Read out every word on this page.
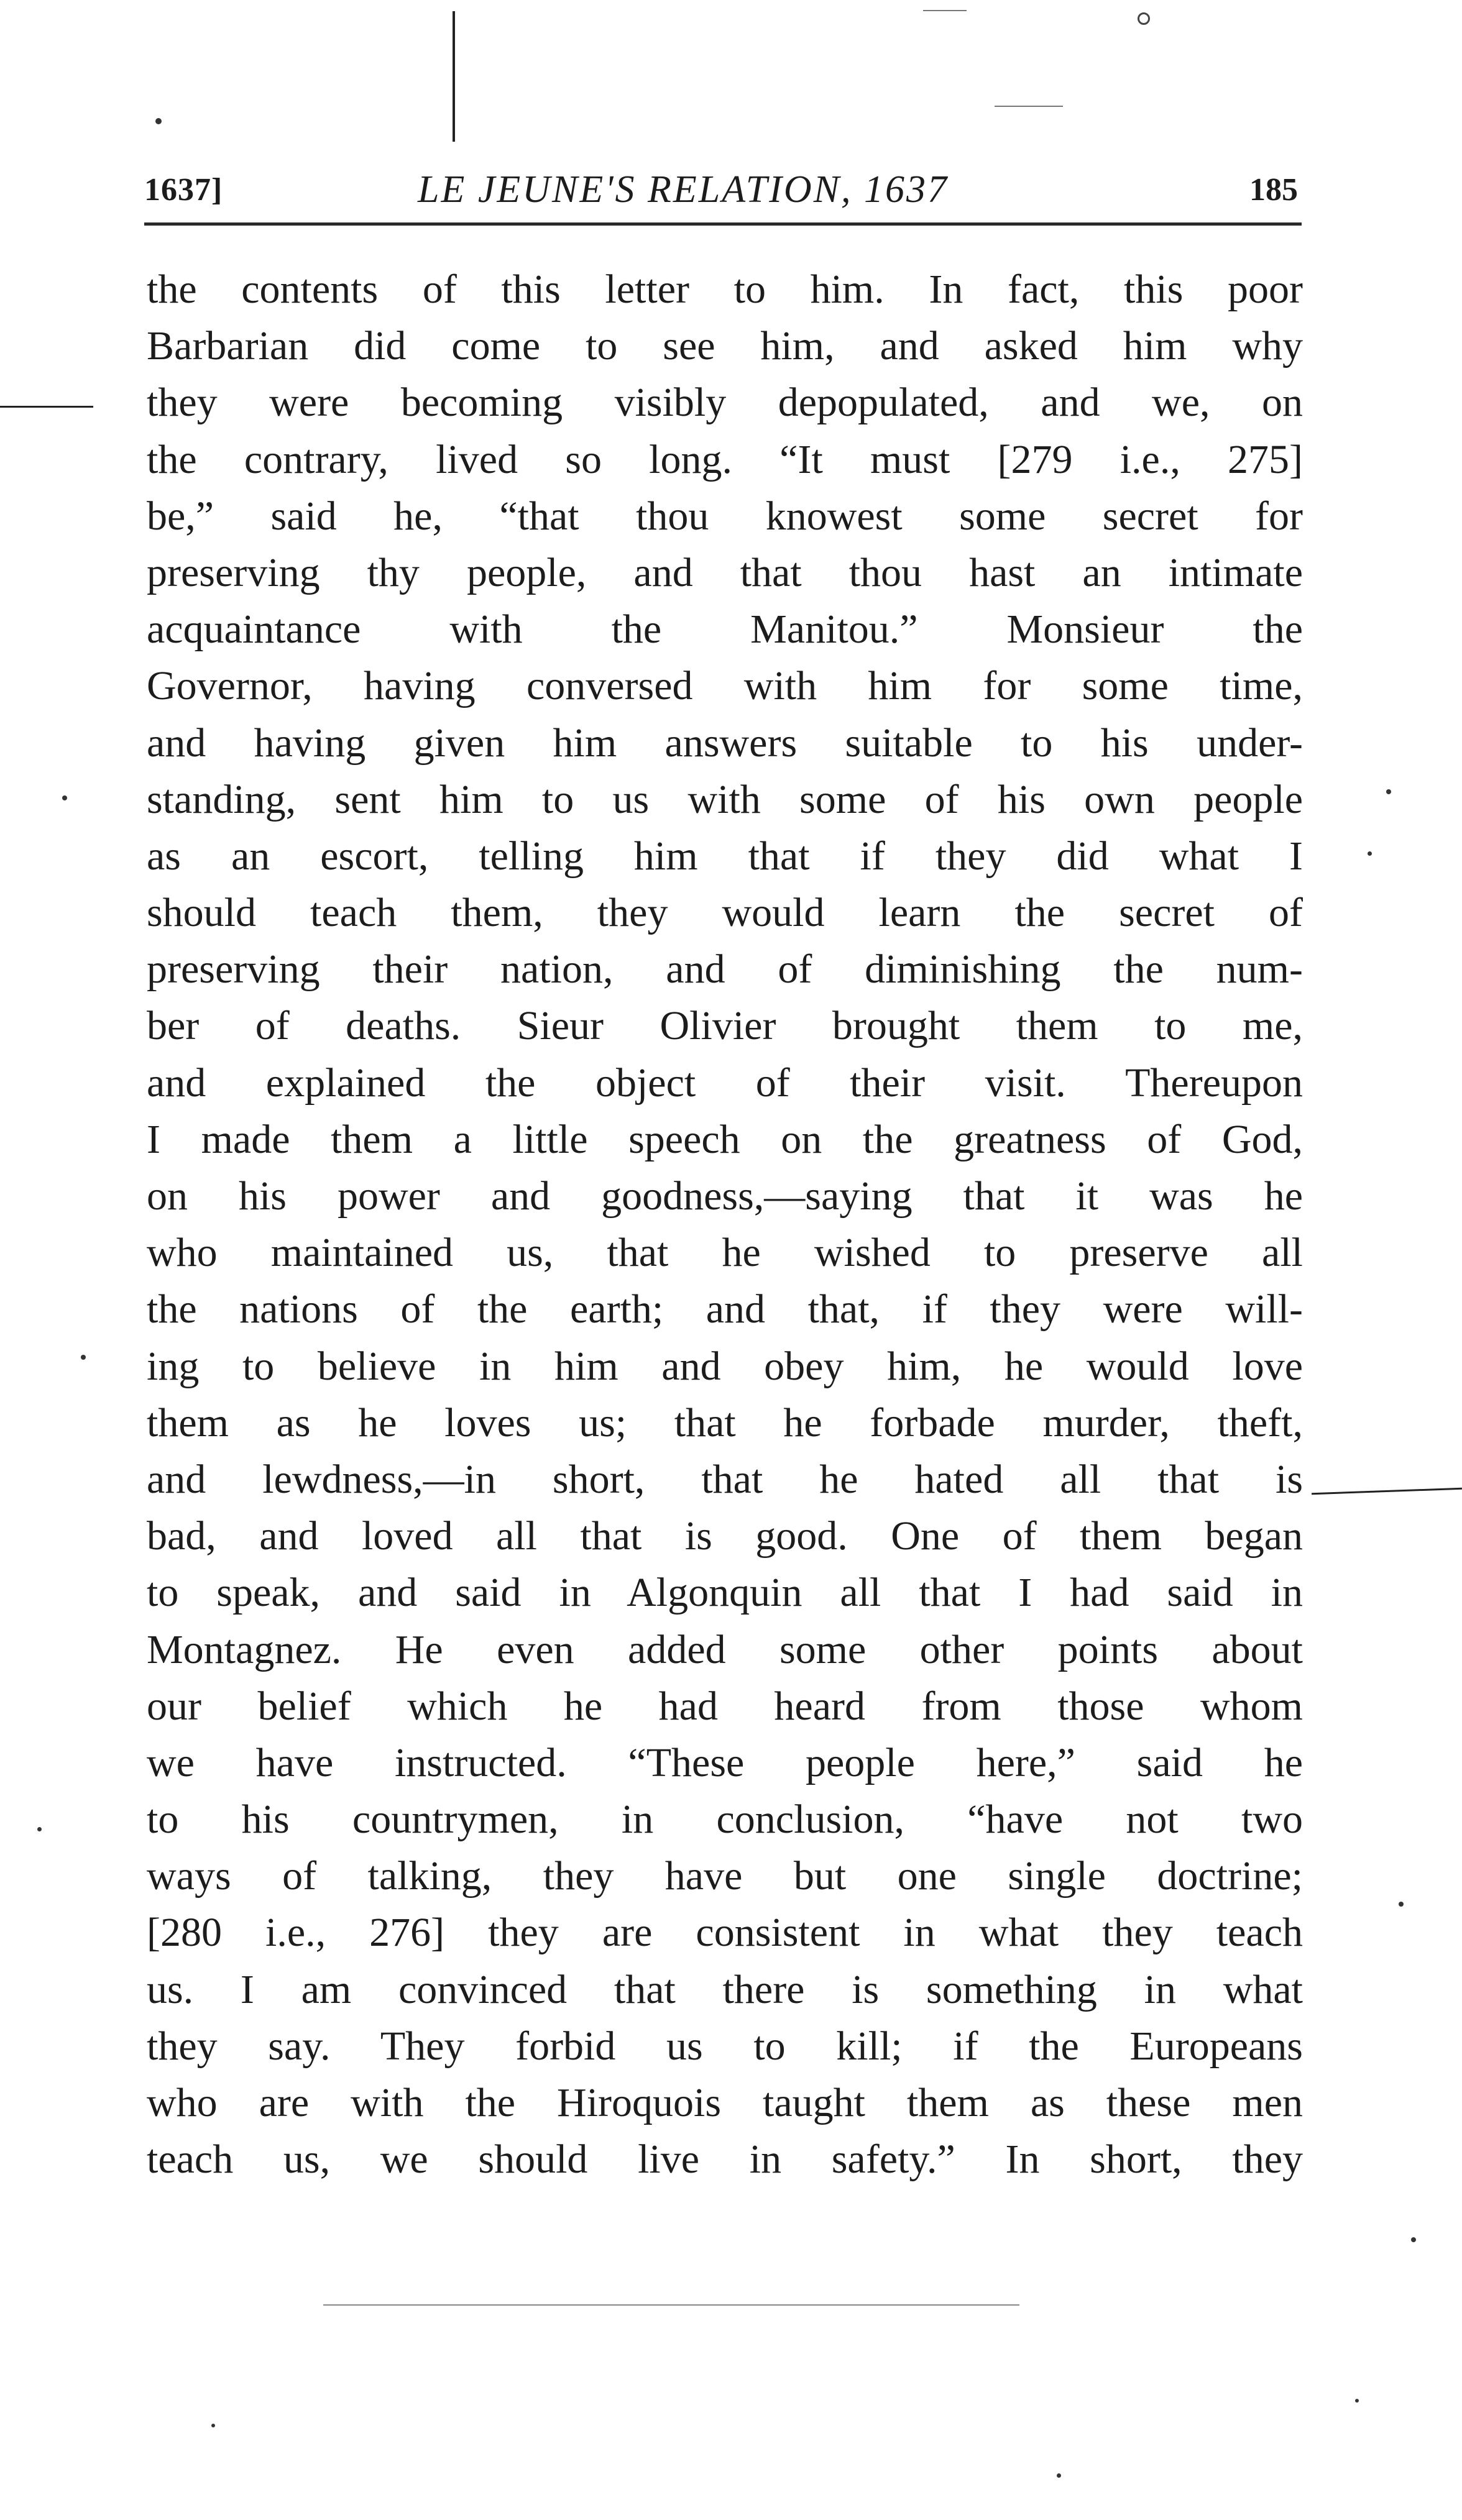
1637]	LE JEUNE'S RELATION, 1637	185
the contents of this letter to him. In fact, this poor
Barbarian did come to see him, and asked him why
they were becoming visibly depopulated, and we, on
the contrary, lived so long. “It must [279 i.e., 275]
be,” said he, “that thou knowest some secret for
preserving thy people, and that thou hast an intimate
acquaintance with the Manitou.” Monsieur the
Governor, having conversed with him for some time,
and having given him answers suitable to his under-
standing, sent him to us with some of his own people
as an escort, telling him that if they did what I
should teach them, they would learn the secret of
preserving their nation, and of diminishing the num-
ber of deaths. Sieur Olivier brought them to me,
and explained the object of their visit. Thereupon
I made them a little speech on the greatness of God,
on his power and goodness,—saying that it was he
who maintained us, that he wished to preserve all
the nations of the earth; and that, if they were will-
ing to believe in him and obey him, he would love
them as he loves us; that he forbade murder, theft,
and lewdness,—in short, that he hated all that is
bad, and loved all that is good. One of them began
to speak, and said in Algonquin all that I had said in
Montagnez. He even added some other points about
our belief which he had heard from those whom
we have instructed. “These people here,” said he
to his countrymen, in conclusion, “have not two
ways of talking, they have but one single doctrine;
[280 i.e., 276] they are consistent in what they teach
us. I am convinced that there is something in what
they say. They forbid us to kill; if the Europeans
who are with the Hiroquois taught them as these men
teach us, we should live in safety.” In short, they
